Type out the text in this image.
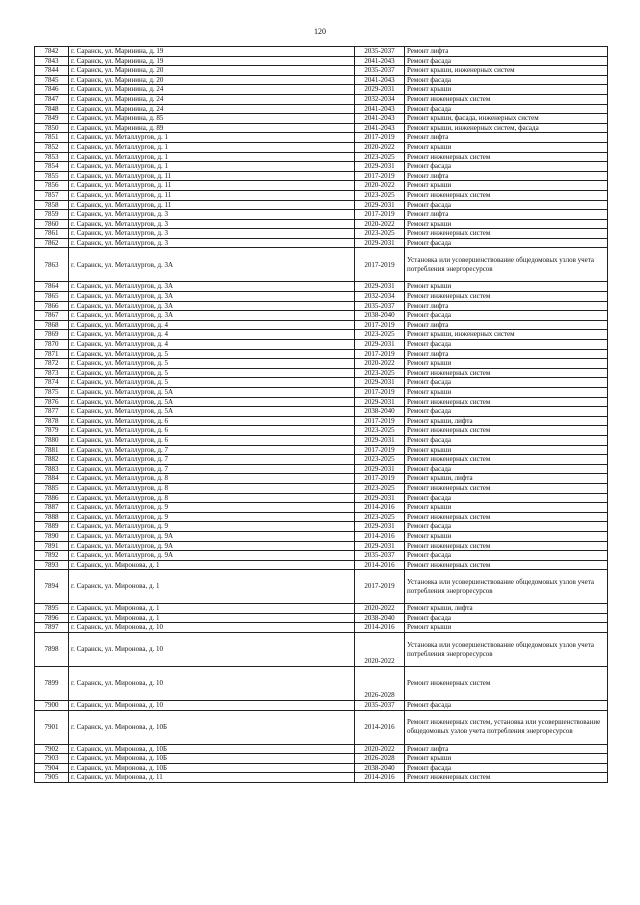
120
7842	г. Саранск, ул. Маринина, д. 19	2035-2037	Ремонт лифта
7843	г. Саранск, ул. Маринина, д. 19	2041-2043	Ремонт фасада
7844	г. Саранск, ул. Маринина, д. 20	2035-2037	Ремонт крыши, инженерных систем
7845	г. Саранск, ул. Маринина, д. 20	2041-2043	Ремонт фасада
7846	г. Саранск, ул. Маринина, д. 24	2029-2031	Ремонт крыши
7847	г. Саранск, ул. Маринина, д. 24	2032-2034	Ремонт инженерных систем
7848	г. Саранск, ул. Маринина, д. 24	2041-2043	Ремонт фасада
7849	г. Саранск, ул. Маринина, д. 85	2041-2043	Ремонт крыши, фасада, инженерных систем
7850	г. Саранск, ул. Маринина, д. 89	2041-2043	Ремонт крыши, инженерных систем, фасада
7851	г. Саранск, ул. Металлургов, д. 1	2017-2019	Ремонт лифта
7852	г. Саранск, ул. Металлургов, д. 1	2020-2022	Ремонт крыши
7853	г. Саранск, ул. Металлургов, д. 1	2023-2025	Ремонт инженерных систем
7854	г. Саранск, ул. Металлургов, д. 1	2029-2031	Ремонт фасада
7855	г. Саранск, ул. Металлургов, д. 11	2017-2019	Ремонт лифта
7856	г. Саранск, ул. Металлургов, д. 11	2020-2022	Ремонт крыши
7857	г. Саранск, ул. Металлургов, д. 11	2023-2025	Ремонт инженерных систем
7858	г. Саранск, ул. Металлургов, д. 11	2029-2031	Ремонт фасада
7859	г. Саранск, ул. Металлургов, д. 3	2017-2019	Ремонт лифта
7860	г. Саранск, ул. Металлургов, д. 3	2020-2022	Ремонт крыши
7861	г. Саранск, ул. Металлургов, д. 3	2023-2025	Ремонт инженерных систем
7862	г. Саранск, ул. Металлургов, д. 3	2029-2031	Ремонт фасада
7863	г. Саранск, ул. Металлургов, д. 3А	2017-2019	Установка или усовершенствование общедомовых узлов учета потребления энергоресурсов
7864	г. Саранск, ул. Металлургов, д. 3А	2029-2031	Ремонт крыши
7865	г. Саранск, ул. Металлургов, д. 3А	2032-2034	Ремонт инженерных систем
7866	г. Саранск, ул. Металлургов, д. 3А	2035-2037	Ремонт лифта
7867	г. Саранск, ул. Металлургов, д. 3А	2038-2040	Ремонт фасада
7868	г. Саранск, ул. Металлургов, д. 4	2017-2019	Ремонт лифта
7869	г. Саранск, ул. Металлургов, д. 4	2023-2025	Ремонт крыши, инженерных систем
7870	г. Саранск, ул. Металлургов, д. 4	2029-2031	Ремонт фасада
7871	г. Саранск, ул. Металлургов, д. 5	2017-2019	Ремонт лифта
7872	г. Саранск, ул. Металлургов, д. 5	2020-2022	Ремонт крыши
7873	г. Саранск, ул. Металлургов, д. 5	2023-2025	Ремонт инженерных систем
7874	г. Саранск, ул. Металлургов, д. 5	2029-2031	Ремонт фасада
7875	г. Саранск, ул. Металлургов, д. 5А	2017-2019	Ремонт крыши
7876	г. Саранск, ул. Металлургов, д. 5А	2029-2031	Ремонт инженерных систем
7877	г. Саранск, ул. Металлургов, д. 5А	2038-2040	Ремонт фасада
7878	г. Саранск, ул. Металлургов, д. 6	2017-2019	Ремонт крыши, лифта
7879	г. Саранск, ул. Металлургов, д. 6	2023-2025	Ремонт инженерных систем
7880	г. Саранск, ул. Металлургов, д. 6	2029-2031	Ремонт фасада
7881	г. Саранск, ул. Металлургов, д. 7	2017-2019	Ремонт крыши
7882	г. Саранск, ул. Металлургов, д. 7	2023-2025	Ремонт инженерных систем
7883	г. Саранск, ул. Металлургов, д. 7	2029-2031	Ремонт фасада
7884	г. Саранск, ул. Металлургов, д. 8	2017-2019	Ремонт крыши, лифта
7885	г. Саранск, ул. Металлургов, д. 8	2023-2025	Ремонт инженерных систем
7886	г. Саранск, ул. Металлургов, д. 8	2029-2031	Ремонт фасада
7887	г. Саранск, ул. Металлургов, д. 9	2014-2016	Ремонт крыши
7888	г. Саранск, ул. Металлургов, д. 9	2023-2025	Ремонт инженерных систем
7889	г. Саранск, ул. Металлургов, д. 9	2029-2031	Ремонт фасада
7890	г. Саранск, ул. Металлургов, д. 9А	2014-2016	Ремонт крыши
7891	г. Саранск, ул. Металлургов, д. 9А	2029-2031	Ремонт инженерных систем
7892	г. Саранск, ул. Металлургов, д. 9А	2035-2037	Ремонт фасада
7893	г. Саранск, ул. Миронова, д. 1	2014-2016	Ремонт инженерных систем
7894	г. Саранск, ул. Миронова, д. 1	2017-2019	Установка или усовершенствование общедомовых узлов учета потребления энергоресурсов
7895	г. Саранск, ул. Миронова, д. 1	2020-2022	Ремонт крыши, лифта
7896	г. Саранск, ул. Миронова, д. 1	2038-2040	Ремонт фасада
7897	г. Саранск, ул. Миронова, д. 10	2014-2016	Ремонт крыши
7898	г. Саранск, ул. Миронова, д. 10	2020-2022	Установка или усовершенствование общедомовых узлов учета потребления энергоресурсов
7899	г. Саранск, ул. Миронова, д. 10	2026-2028	Ремонт инженерных систем
7900	г. Саранск, ул. Миронова, д. 10	2035-2037	Ремонт фасада
7901	г. Саранск, ул. Миронова, д. 10Б	2014-2016	Ремонт инженерных систем, установка или усовершенствование общедомовых узлов учета потребления энергоресурсов
7902	г. Саранск, ул. Миронова, д. 10Б	2020-2022	Ремонт лифта
7903	г. Саранск, ул. Миронова, д. 10Б	2026-2028	Ремонт крыши
7904	г. Саранск, ул. Миронова, д. 10Б	2038-2040	Ремонт фасада
7905	г. Саранск, ул. Миронова, д. 11	2014-2016	Ремонт инженерных систем
